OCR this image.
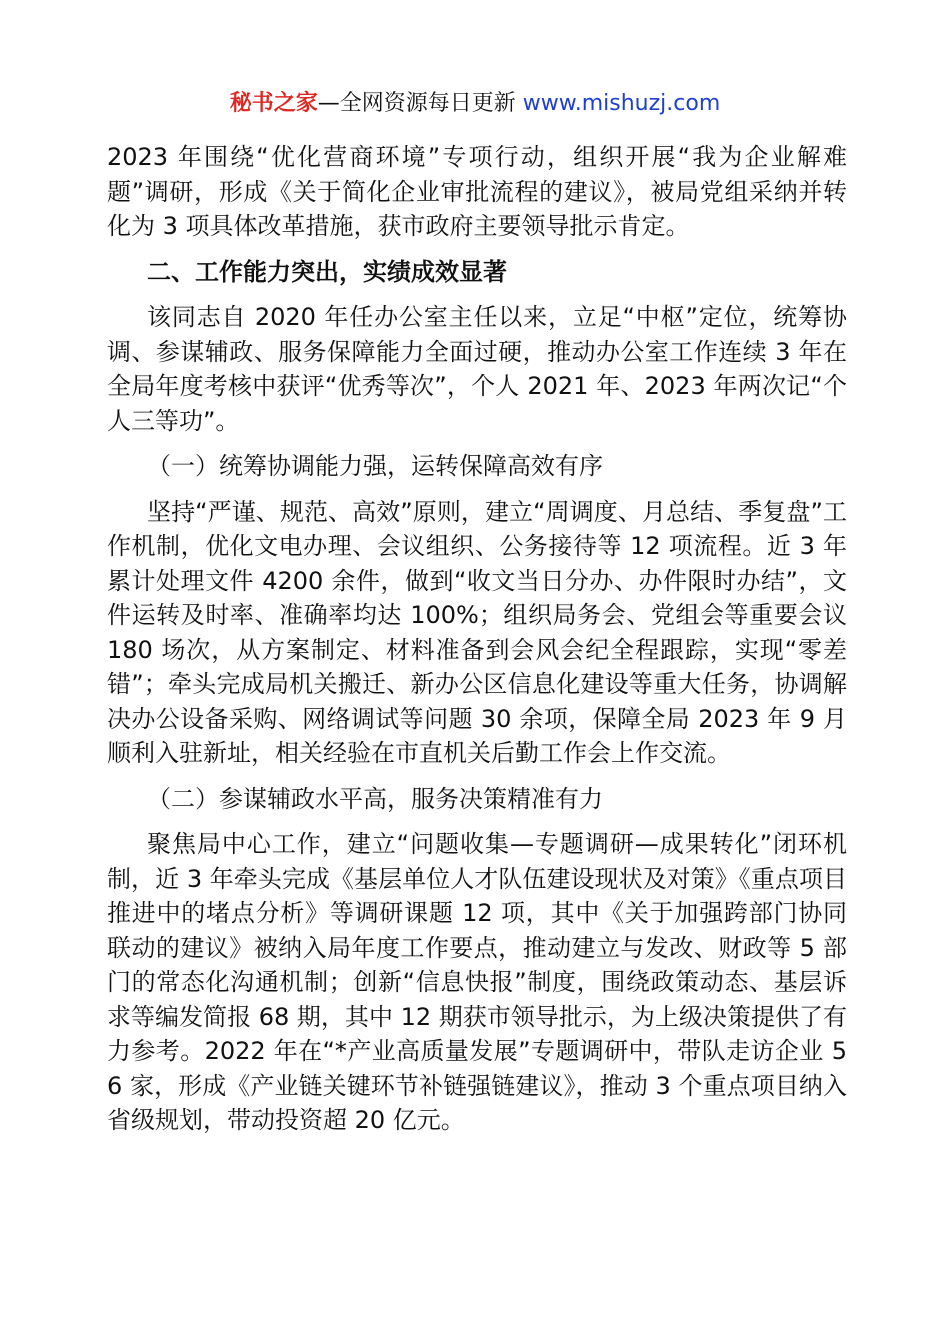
秘书之家—全网资源每日更新 www.mishuzj.com

2023 年围绕“优化营商环境”专项行动，组织开展“我为企业解难题”调研，形成《关于简化企业审批流程的建议》，被局党组采纳并转化为 3 项具体改革措施，获市政府主要领导批示肯定。

二、工作能力突出，实绩成效显著

该同志自 2020 年任办公室主任以来，立足“中枢”定位，统筹协调、参谋辅政、服务保障能力全面过硬，推动办公室工作连续 3 年在全局年度考核中获评“优秀等次”，个人 2021 年、2023 年两次记“个人三等功”。

（一）统筹协调能力强，运转保障高效有序

坚持“严谨、规范、高效”原则，建立“周调度、月总结、季复盘”工作机制，优化文电办理、会议组织、公务接待等 12 项流程。近 3 年累计处理文件 4200 余件，做到“收文当日分办、办件限时办结”，文件运转及时率、准确率均达 100%；组织局务会、党组会等重要会议 180 场次，从方案制定、材料准备到会风会纪全程跟踪，实现“零差错”；牵头完成局机关搬迁、新办公区信息化建设等重大任务，协调解决办公设备采购、网络调试等问题 30 余项，保障全局 2023 年 9 月顺利入驻新址，相关经验在市直机关后勤工作会上作交流。

（二）参谋辅政水平高，服务决策精准有力

聚焦局中心工作，建立“问题收集—专题调研—成果转化”闭环机制，近 3 年牵头完成《基层单位人才队伍建设现状及对策》《重点项目推进中的堵点分析》等调研课题 12 项，其中《关于加强跨部门协同联动的建议》被纳入局年度工作要点，推动建立与发改、财政等 5 部门的常态化沟通机制；创新“信息快报”制度，围绕政策动态、基层诉求等编发简报 68 期，其中 12 期获市领导批示，为上级决策提供了有力参考。2022 年在“*产业高质量发展”专题调研中，带队走访企业 56 家，形成《产业链关键环节补链强链建议》，推动 3 个重点项目纳入省级规划，带动投资超 20 亿元。
